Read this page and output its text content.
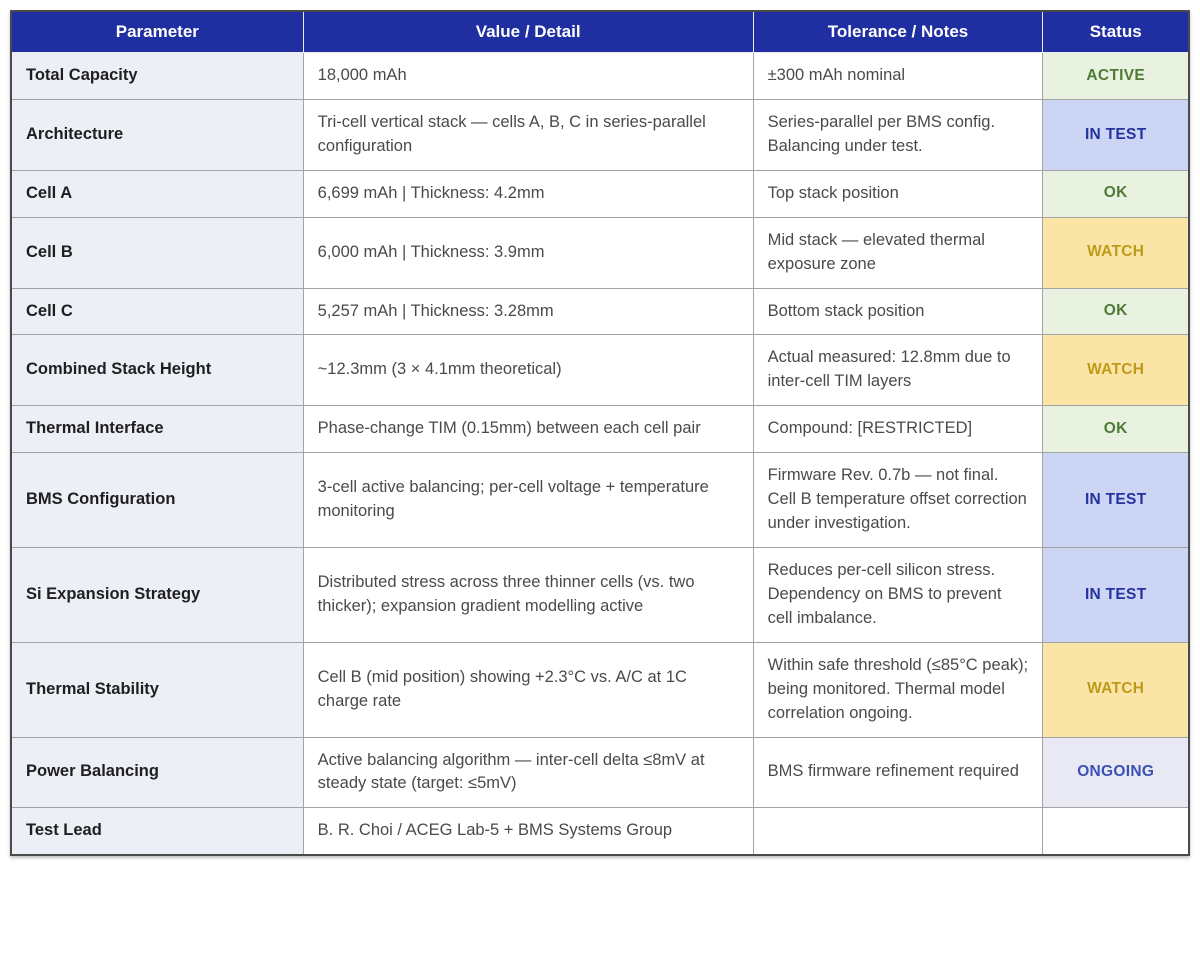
Parameter	Value / Detail	Tolerance / Notes	Status
Total Capacity	18,000 mAh	±300 mAh nominal	ACTIVE
Architecture	Tri-cell vertical stack — cells A, B, C in series-parallel configuration	Series-parallel per BMS config. Balancing under test.	IN TEST
Cell A	6,699 mAh | Thickness: 4.2mm	Top stack position	OK
Cell B	6,000 mAh | Thickness: 3.9mm	Mid stack — elevated thermal exposure zone	WATCH
Cell C	5,257 mAh | Thickness: 3.28mm	Bottom stack position	OK
Combined Stack Height	~12.3mm (3 × 4.1mm theoretical)	Actual measured: 12.8mm due to inter-cell TIM layers	WATCH
Thermal Interface	Phase-change TIM (0.15mm) between each cell pair	Compound: [RESTRICTED]	OK
BMS Configuration	3-cell active balancing; per-cell voltage + temperature monitoring	Firmware Rev. 0.7b — not final. Cell B temperature offset correction under investigation.	IN TEST
Si Expansion Strategy	Distributed stress across three thinner cells (vs. two thicker); expansion gradient modelling active	Reduces per-cell silicon stress. Dependency on BMS to prevent cell imbalance.	IN TEST
Thermal Stability	Cell B (mid position) showing +2.3°C vs. A/C at 1C charge rate	Within safe threshold (≤85°C peak); being monitored. Thermal model correlation ongoing.	WATCH
Power Balancing	Active balancing algorithm — inter-cell delta ≤8mV at steady state (target: ≤5mV)	BMS firmware refinement required	ONGOING
Test Lead	B. R. Choi / ACEG Lab-5 + BMS Systems Group		
